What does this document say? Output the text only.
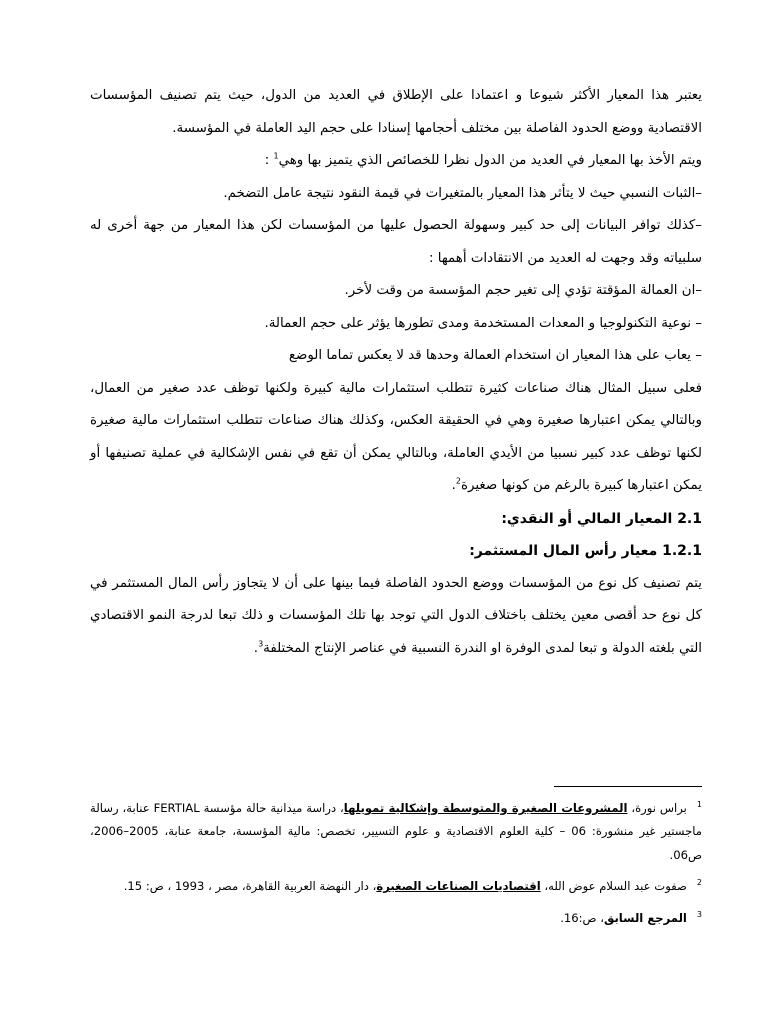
يعتبر هذا المعيار الأكثر شيوعا و اعتمادا على الإطلاق في العديد من الدول، حيث يتم تصنيف المؤسسات الاقتصادية ووضع الحدود الفاصلة بين مختلف أحجامها إسنادا على حجم اليد العاملة في المؤسسة.

ويتم الأخذ بها المعيار في العديد من الدول نظرا للخصائص الذي يتميز بها وهي$^1$ :

–الثبات النسبي حيث لا يتأثر هذا المعيار بالمتغيرات في قيمة النقود نتيجة عامل التضخم.

–كذلك توافر البيانات إلى حد كبير وسهولة الحصول عليها من المؤسسات لكن هذا المعيار من جهة أخرى له سلبياته وقد وجهت له العديد من الانتقادات أهمها :

–ان العمالة المؤقتة تؤدي إلى تغير حجم المؤسسة من وقت لأخر.

– نوعية التكنولوجيا و المعدات المستخدمة ومدى تطورها يؤثر على حجم العمالة.

– يعاب على هذا المعيار ان استخدام العمالة وحدها قد لا يعكس تماما الوضع

فعلى سبيل المثال هناك صناعات كثيرة تتطلب استثمارات مالية كبيرة ولكنها توظف عدد صغير من العمال، وبالتالي يمكن اعتبارها صغيرة وهي في الحقيقة العكس، وكذلك هناك صناعات تتطلب استثمارات مالية صغيرة لكنها توظف عدد كبير نسبيا من الأيدي العاملة، وبالتالي يمكن أن تقع في نفس الإشكالية في عملية تصنيفها أو يمكن اعتبارها كبيرة بالرغم من كونها صغيرة$^2$.

2.1 المعيار المالي أو النقدي:

1.2.1 معيار رأس المال المستثمر:

يتم تصنيف كل نوع من المؤسسات ووضع الحدود الفاصلة فيما بينها على أن لا يتجاوز رأس المال المستثمر في كل نوع حد أقصى معين يختلف باختلاف الدول التي توجد بها تلك المؤسسات و ذلك تبعا لدرجة النمو الاقتصادي التي بلغته الدولة و تبعا لمدى الوفرة او الندرة النسبية في عناصر الإنتاج المختلفة$^3$.

$^1$براس نورة، المشروعات الصغيرة والمتوسطة وإشكالية تمويلها، دراسة ميدانية حالة مؤسسة FERTIAL عنابة، رسالة ماجستير غير منشورة: 06 – كلية العلوم الاقتصادية و علوم التسيير، تخصص: مالية المؤسسة، جامعة عنابة، 2005–2006، ص06.

$^2$صفوت عبد السلام عوض الله، اقتصاديات الصناعات الصغيرة، دار النهضة العربية القاهرة، مصر ، 1993 ، ص: 15.

$^3$المرجع السابق، ص:16.
